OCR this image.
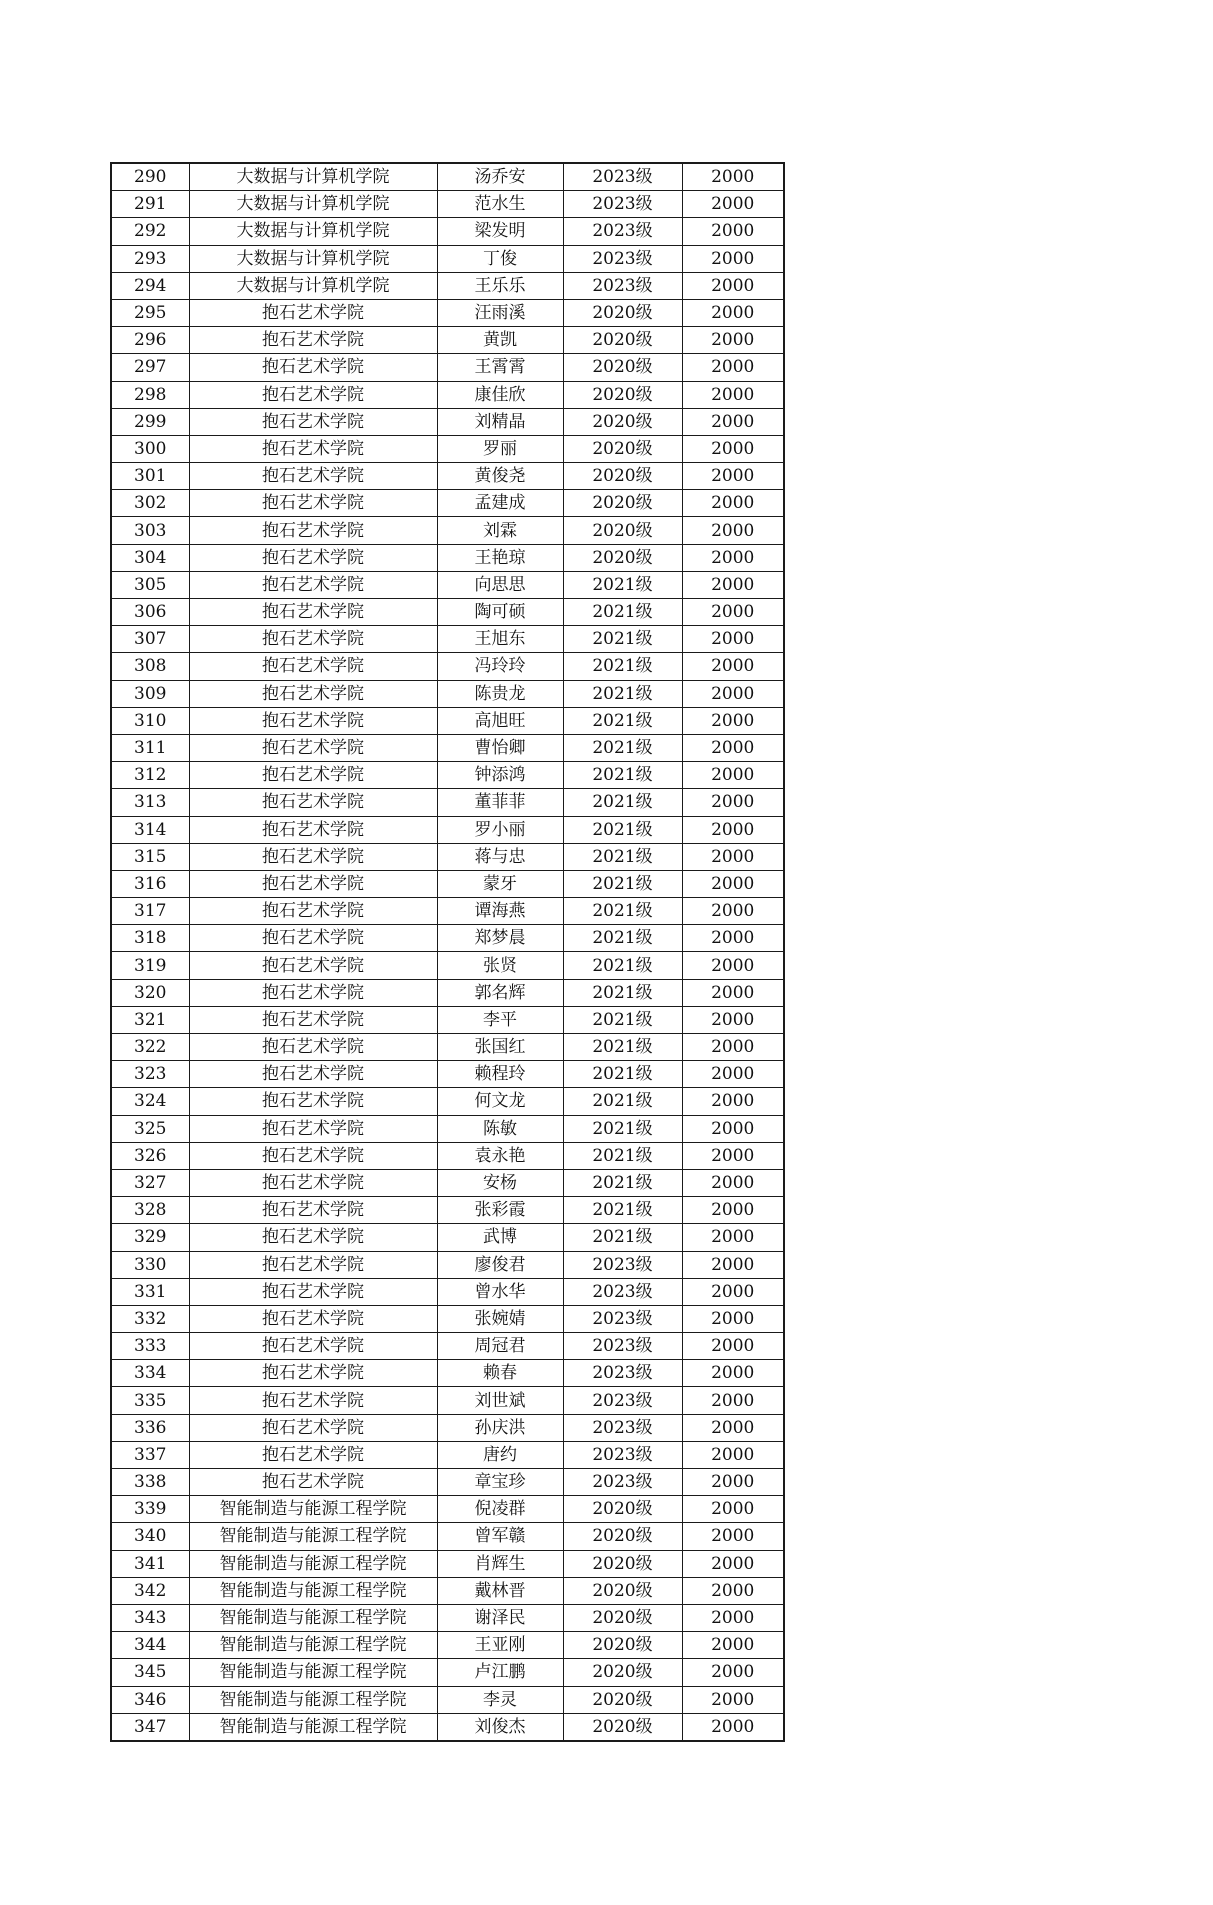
290	大数据与计算机学院	汤乔安	2023级	2000
291	大数据与计算机学院	范水生	2023级	2000
292	大数据与计算机学院	梁发明	2023级	2000
293	大数据与计算机学院	丁俊	2023级	2000
294	大数据与计算机学院	王乐乐	2023级	2000
295	抱石艺术学院	汪雨溪	2020级	2000
296	抱石艺术学院	黄凯	2020级	2000
297	抱石艺术学院	王霄霄	2020级	2000
298	抱石艺术学院	康佳欣	2020级	2000
299	抱石艺术学院	刘精晶	2020级	2000
300	抱石艺术学院	罗丽	2020级	2000
301	抱石艺术学院	黄俊尧	2020级	2000
302	抱石艺术学院	孟建成	2020级	2000
303	抱石艺术学院	刘霖	2020级	2000
304	抱石艺术学院	王艳琼	2020级	2000
305	抱石艺术学院	向思思	2021级	2000
306	抱石艺术学院	陶可硕	2021级	2000
307	抱石艺术学院	王旭东	2021级	2000
308	抱石艺术学院	冯玲玲	2021级	2000
309	抱石艺术学院	陈贵龙	2021级	2000
310	抱石艺术学院	高旭旺	2021级	2000
311	抱石艺术学院	曹怡卿	2021级	2000
312	抱石艺术学院	钟添鸿	2021级	2000
313	抱石艺术学院	董菲菲	2021级	2000
314	抱石艺术学院	罗小丽	2021级	2000
315	抱石艺术学院	蒋与忠	2021级	2000
316	抱石艺术学院	蒙牙	2021级	2000
317	抱石艺术学院	谭海燕	2021级	2000
318	抱石艺术学院	郑梦晨	2021级	2000
319	抱石艺术学院	张贤	2021级	2000
320	抱石艺术学院	郭名辉	2021级	2000
321	抱石艺术学院	李平	2021级	2000
322	抱石艺术学院	张国红	2021级	2000
323	抱石艺术学院	赖程玲	2021级	2000
324	抱石艺术学院	何文龙	2021级	2000
325	抱石艺术学院	陈敏	2021级	2000
326	抱石艺术学院	袁永艳	2021级	2000
327	抱石艺术学院	安杨	2021级	2000
328	抱石艺术学院	张彩霞	2021级	2000
329	抱石艺术学院	武博	2021级	2000
330	抱石艺术学院	廖俊君	2023级	2000
331	抱石艺术学院	曾水华	2023级	2000
332	抱石艺术学院	张婉婧	2023级	2000
333	抱石艺术学院	周冠君	2023级	2000
334	抱石艺术学院	赖春	2023级	2000
335	抱石艺术学院	刘世斌	2023级	2000
336	抱石艺术学院	孙庆洪	2023级	2000
337	抱石艺术学院	唐约	2023级	2000
338	抱石艺术学院	章宝珍	2023级	2000
339	智能制造与能源工程学院	倪凌群	2020级	2000
340	智能制造与能源工程学院	曾军赣	2020级	2000
341	智能制造与能源工程学院	肖辉生	2020级	2000
342	智能制造与能源工程学院	戴林晋	2020级	2000
343	智能制造与能源工程学院	谢泽民	2020级	2000
344	智能制造与能源工程学院	王亚刚	2020级	2000
345	智能制造与能源工程学院	卢江鹏	2020级	2000
346	智能制造与能源工程学院	李灵	2020级	2000
347	智能制造与能源工程学院	刘俊杰	2020级	2000
